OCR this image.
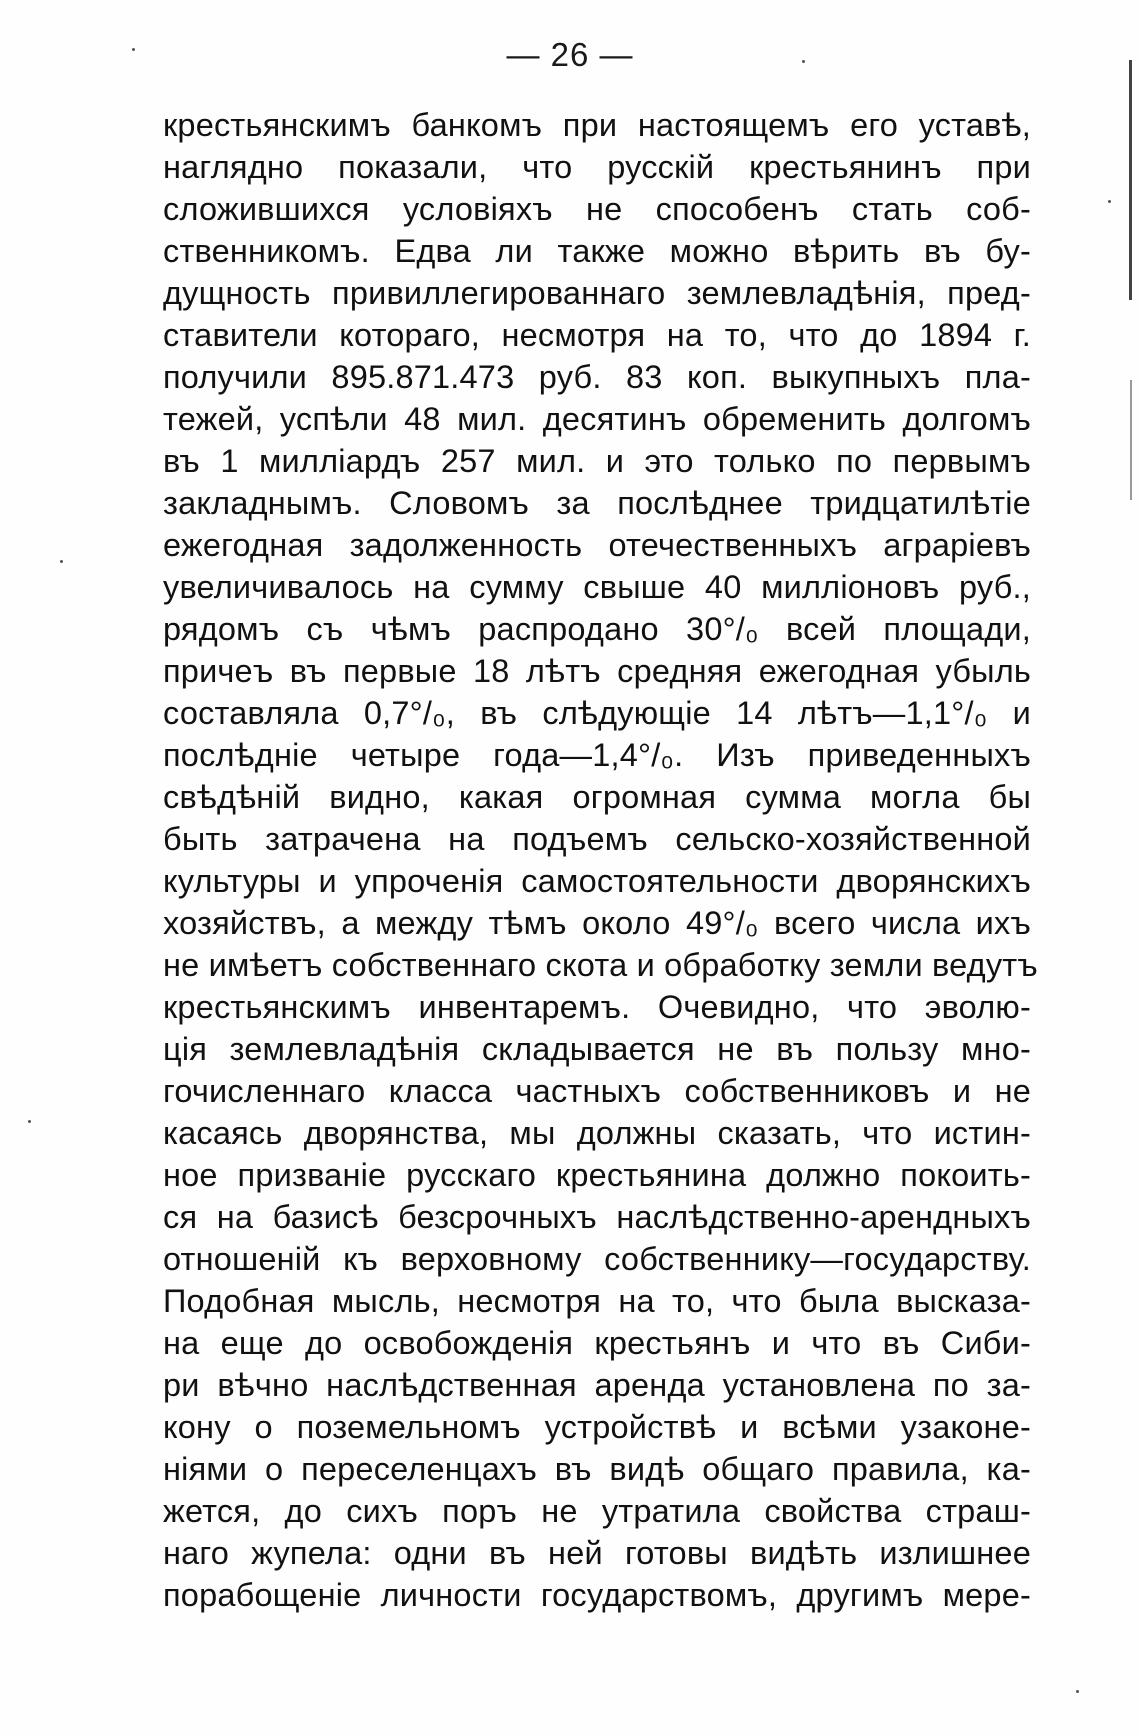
— 26 —
крестьянскимъ банкомъ при настоящемъ его уставѣ,
наглядно показали, что русскій крестьянинъ при
сложившихся условіяхъ не способенъ стать соб-
ственникомъ. Едва ли также можно вѣрить въ бу-
дущность привиллегированнаго землевладѣнія, пред-
ставители котораго, несмотря на то, что до 1894 г.
получили 895.871.473 руб. 83 коп. выкупныхъ пла-
тежей, успѣли 48 мил. десятинъ обременить долгомъ
въ 1 милліардъ 257 мил. и это только по первымъ
закладнымъ. Словомъ за послѣднее тридцатилѣтіе
ежегодная задолженность отечественныхъ аграріевъ
увеличивалось на сумму свыше 40 милліоновъ руб.,
рядомъ съ чѣмъ распродано 30°/₀ всей площади,
причеъ въ первые 18 лѣтъ средняя ежегодная убыль
составляла 0,7°/₀, въ слѣдующіе 14 лѣтъ—1,1°/₀ и
послѣдніе четыре года—1,4°/₀. Изъ приведенныхъ
свѣдѣній видно, какая огромная сумма могла бы
быть затрачена на подъемъ сельско-хозяйственной
культуры и упроченія самостоятельности дворянскихъ
хозяйствъ, а между тѣмъ около 49°/₀ всего числа ихъ
не имѣетъ собственнаго скота и обработку земли ведутъ
крестьянскимъ инвентаремъ. Очевидно, что эволю-
ція землевладѣнія складывается не въ пользу мно-
гочисленнаго класса частныхъ собственниковъ и не
касаясь дворянства, мы должны сказать, что истин-
ное призваніе русскаго крестьянина должно покоить-
ся на базисѣ безсрочныхъ наслѣдственно-арендныхъ
отношеній къ верховному собственнику—государству.
Подобная мысль, несмотря на то, что была высказа-
на еще до освобожденія крестьянъ и что въ Сиби-
ри вѣчно наслѣдственная аренда установлена по за-
кону о поземельномъ устройствѣ и всѣми узаконе-
ніями о переселенцахъ въ видѣ общаго правила, ка-
жется, до сихъ поръ не утратила свойства страш-
наго жупела: одни въ ней готовы видѣть излишнее
порабощеніе личности государствомъ, другимъ мере-
